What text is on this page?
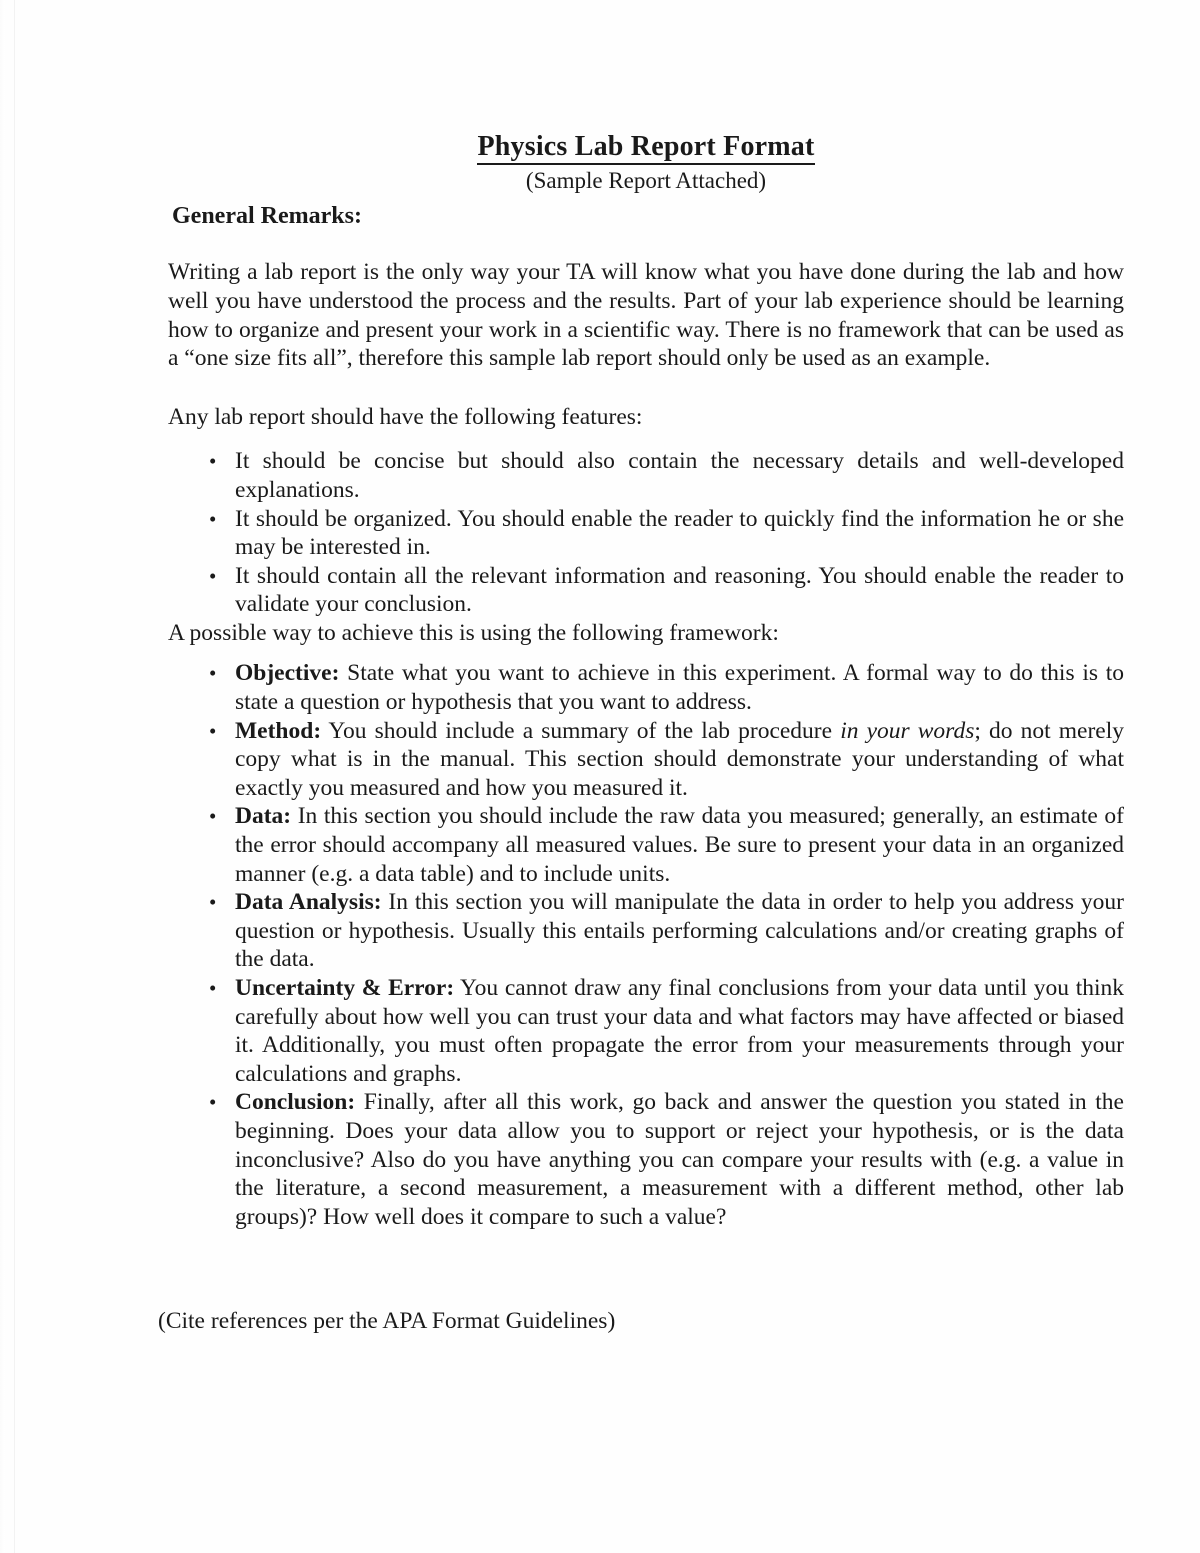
Physics Lab Report Format
(Sample Report Attached)
General Remarks:

Writing a lab report is the only way your TA will know what you have done during the lab and how well you have understood the process and the results. Part of your lab experience should be learning how to organize and present your work in a scientific way. There is no framework that can be used as a “one size fits all”, therefore this sample lab report should only be used as an example.

Any lab report should have the following features:

• It should be concise but should also contain the necessary details and well-developed explanations.
• It should be organized. You should enable the reader to quickly find the information he or she may be interested in.
• It should contain all the relevant information and reasoning. You should enable the reader to validate your conclusion.

A possible way to achieve this is using the following framework:

• Objective: State what you want to achieve in this experiment. A formal way to do this is to state a question or hypothesis that you want to address.
• Method: You should include a summary of the lab procedure in your words; do not merely copy what is in the manual. This section should demonstrate your understanding of what exactly you measured and how you measured it.
• Data: In this section you should include the raw data you measured; generally, an estimate of the error should accompany all measured values. Be sure to present your data in an organized manner (e.g. a data table) and to include units.
• Data Analysis: In this section you will manipulate the data in order to help you address your question or hypothesis. Usually this entails performing calculations and/or creating graphs of the data.
• Uncertainty & Error: You cannot draw any final conclusions from your data until you think carefully about how well you can trust your data and what factors may have affected or biased it. Additionally, you must often propagate the error from your measurements through your calculations and graphs.
• Conclusion: Finally, after all this work, go back and answer the question you stated in the beginning. Does your data allow you to support or reject your hypothesis, or is the data inconclusive? Also do you have anything you can compare your results with (e.g. a value in the literature, a second measurement, a measurement with a different method, other lab groups)? How well does it compare to such a value?

(Cite references per the APA Format Guidelines)
